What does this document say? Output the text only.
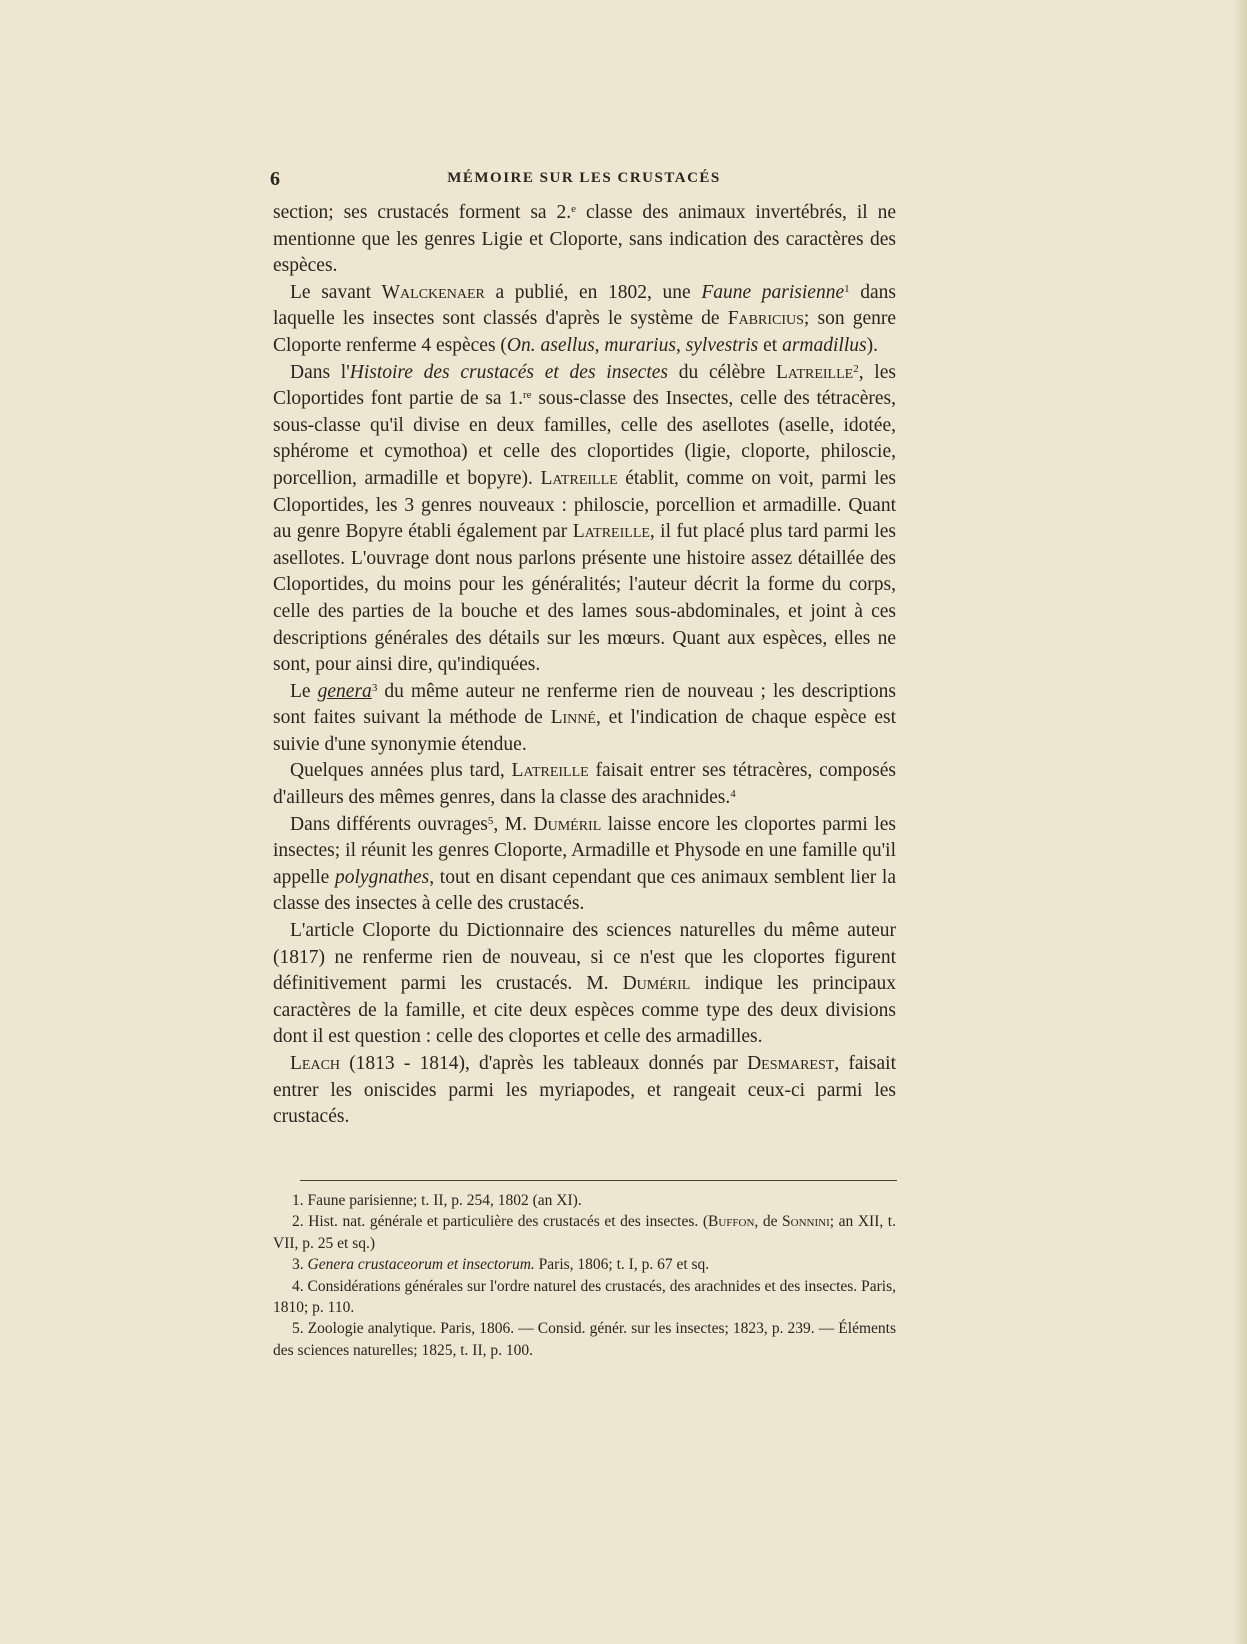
6	MÉMOIRE SUR LES CRUSTACÉS

section; ses crustacés forment sa 2.$^e$ classe des animaux invertébrés, il ne mentionne que les genres Ligie et Cloporte, sans indication des caractères des espèces.

Le savant Walckenaer a publié, en 1802, une Faune parisienne$^1$ dans laquelle les insectes sont classés d'après le système de Fabricius; son genre Cloporte renferme 4 espèces (On. asellus, murarius, sylvestris et armadillus).

Dans l'Histoire des crustacés et des insectes du célèbre Latreille$^2$, les Cloportides font partie de sa 1.$^{re}$ sous-classe des Insectes, celle des tétracères, sous-classe qu'il divise en deux familles, celle des asellotes (aselle, idotée, sphérome et cymothoa) et celle des cloportides (ligie, cloporte, philoscie, porcellion, armadille et bopyre). Latreille établit, comme on voit, parmi les Cloportides, les 3 genres nouveaux : philoscie, porcellion et armadille. Quant au genre Bopyre établi également par Latreille, il fut placé plus tard parmi les asellotes. L'ouvrage dont nous parlons présente une histoire assez détaillée des Cloportides, du moins pour les généralités; l'auteur décrit la forme du corps, celle des parties de la bouche et des lames sous-abdominales, et joint à ces descriptions générales des détails sur les mœurs. Quant aux espèces, elles ne sont, pour ainsi dire, qu'indiquées.

Le genera$^3$ du même auteur ne renferme rien de nouveau ; les descriptions sont faites suivant la méthode de Linné, et l'indication de chaque espèce est suivie d'une synonymie étendue.

Quelques années plus tard, Latreille faisait entrer ses tétracères, composés d'ailleurs des mêmes genres, dans la classe des arachnides.$^4$

Dans différents ouvrages$^5$, M. Duméril laisse encore les cloportes parmi les insectes; il réunit les genres Cloporte, Armadille et Physode en une famille qu'il appelle polygnathes, tout en disant cependant que ces animaux semblent lier la classe des insectes à celle des crustacés.

L'article Cloporte du Dictionnaire des sciences naturelles du même auteur (1817) ne renferme rien de nouveau, si ce n'est que les cloportes figurent définitivement parmi les crustacés. M. Duméril indique les principaux caractères de la famille, et cite deux espèces comme type des deux divisions dont il est question : celle des cloportes et celle des armadilles.

Leach (1813 - 1814), d'après les tableaux donnés par Desmarest, faisait entrer les oniscides parmi les myriapodes, et rangeait ceux-ci parmi les crustacés.

1. Faune parisienne; t. II, p. 254, 1802 (an XI).

2. Hist. nat. générale et particulière des crustacés et des insectes. (Buffon, de Sonnini; an XII, t. VII, p. 25 et sq.)

3. Genera crustaceorum et insectorum. Paris, 1806; t. I, p. 67 et sq.

4. Considérations générales sur l'ordre naturel des crustacés, des arachnides et des insectes. Paris, 1810; p. 110.

5. Zoologie analytique. Paris, 1806. — Consid. génér. sur les insectes; 1823, p. 239. — Éléments des sciences naturelles; 1825, t. II, p. 100.
